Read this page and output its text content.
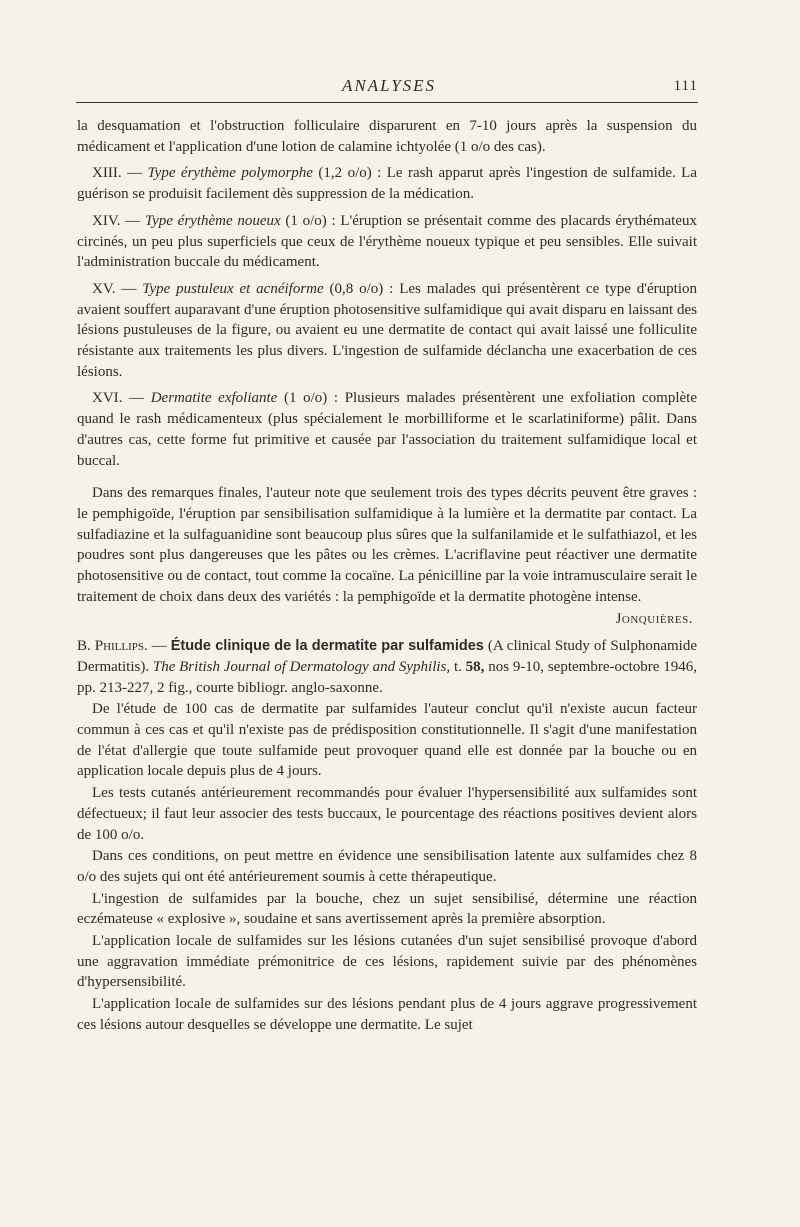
ANALYSES	111

la desquamation et l'obstruction folliculaire disparurent en 7-10 jours après la suspension du médicament et l'application d'une lotion de calamine ichtyolée (1 o/o des cas).

XIII. — Type érythème polymorphe (1,2 o/o) : Le rash apparut après l'ingestion de sulfamide. La guérison se produisit facilement dès suppression de la médication.

XIV. — Type érythème noueux (1 o/o) : L'éruption se présentait comme des placards érythémateux circinés, un peu plus superficiels que ceux de l'érythème noueux typique et peu sensibles. Elle suivait l'administration buccale du médicament.

XV. — Type pustuleux et acnéiforme (0,8 o/o) : Les malades qui présentèrent ce type d'éruption avaient souffert auparavant d'une éruption photosensitive sulfamidique qui avait disparu en laissant des lésions pustuleuses de la figure, ou avaient eu une dermatite de contact qui avait laissé une folliculite résistante aux traitements les plus divers. L'ingestion de sulfamide déclancha une exacerbation de ces lésions.

XVI. — Dermatite exfoliante (1 o/o) : Plusieurs malades présentèrent une exfoliation complète quand le rash médicamenteux (plus spécialement le morbilliforme et le scarlatiniforme) pâlit. Dans d'autres cas, cette forme fut primitive et causée par l'association du traitement sulfamidique local et buccal.

Dans des remarques finales, l'auteur note que seulement trois des types décrits peuvent être graves : le pemphigoïde, l'éruption par sensibilisation sulfamidique à la lumière et la dermatite par contact. La sulfadiazine et la sulfaguanidine sont beaucoup plus sûres que la sulfanilamide et le sulfathiazol, et les poudres sont plus dangereuses que les pâtes ou les crèmes. L'acriflavine peut réactiver une dermatite photosensitive ou de contact, tout comme la cocaïne. La pénicilline par la voie intramusculaire serait le traitement de choix dans deux des variétés : la pemphigoïde et la dermatite photogène intense.

Jonquières.

B. Phillips. — Étude clinique de la dermatite par sulfamides (A clinical Study of Sulphonamide Dermatitis). The British Journal of Dermatology and Syphilis, t. 58, nos 9-10, septembre-octobre 1946, pp. 213-227, 2 fig., courte bibliogr. anglo-saxonne.

De l'étude de 100 cas de dermatite par sulfamides l'auteur conclut qu'il n'existe aucun facteur commun à ces cas et qu'il n'existe pas de prédisposition constitutionnelle. Il s'agit d'une manifestation de l'état d'allergie que toute sulfamide peut provoquer quand elle est donnée par la bouche ou en application locale depuis plus de 4 jours.

Les tests cutanés antérieurement recommandés pour évaluer l'hypersensibilité aux sulfamides sont défectueux; il faut leur associer des tests buccaux, le pourcentage des réactions positives devient alors de 100 o/o.

Dans ces conditions, on peut mettre en évidence une sensibilisation latente aux sulfamides chez 8 o/o des sujets qui ont été antérieurement soumis à cette thérapeutique.

L'ingestion de sulfamides par la bouche, chez un sujet sensibilisé, détermine une réaction eczémateuse « explosive », soudaine et sans avertissement après la première absorption.

L'application locale de sulfamides sur les lésions cutanées d'un sujet sensibilisé provoque d'abord une aggravation immédiate prémonitrice de ces lésions, rapidement suivie par des phénomènes d'hypersensibilité.

L'application locale de sulfamides sur des lésions pendant plus de 4 jours aggrave progressivement ces lésions autour desquelles se développe une dermatite. Le sujet
